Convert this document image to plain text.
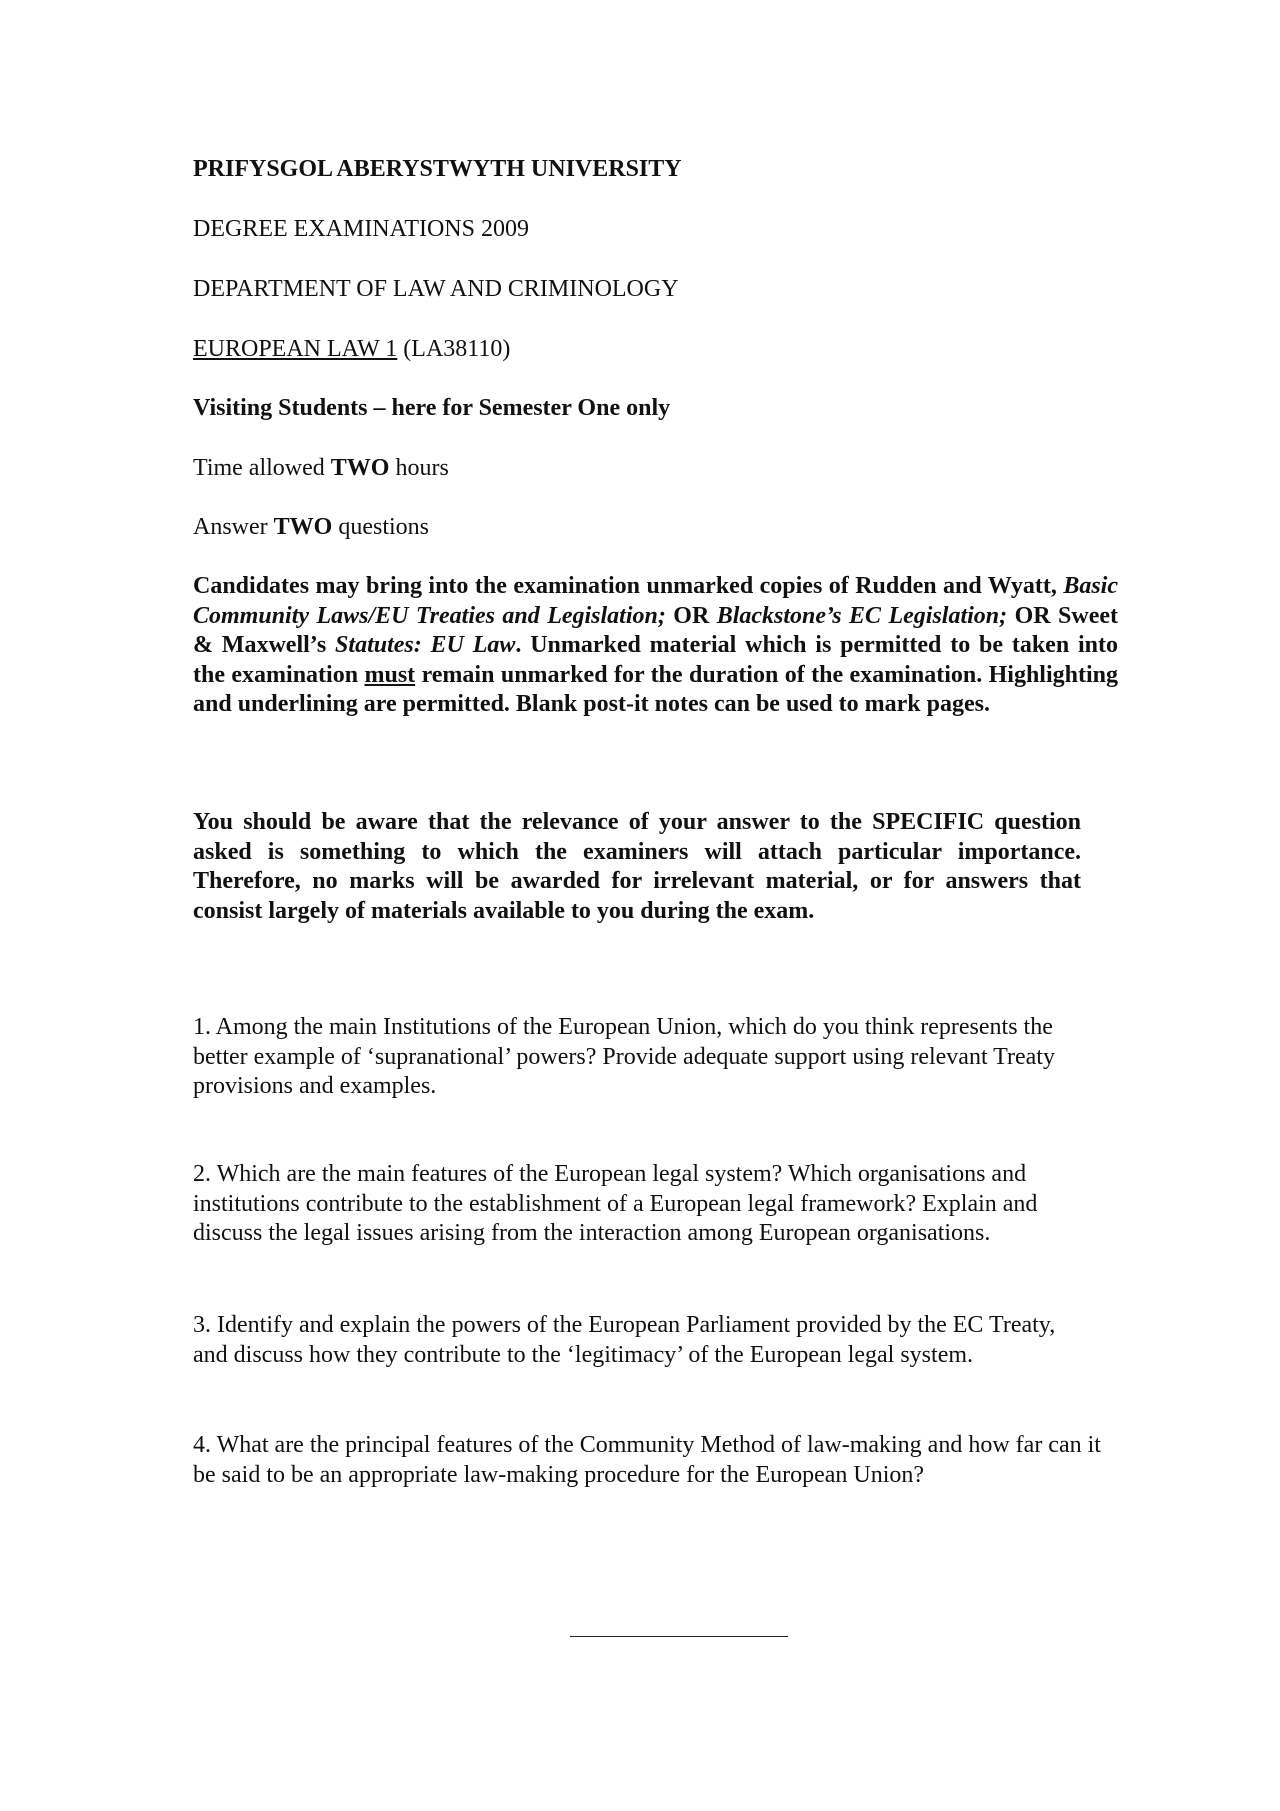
PRIFYSGOL ABERYSTWYTH UNIVERSITY
DEGREE EXAMINATIONS 2009
DEPARTMENT OF LAW AND CRIMINOLOGY
EUROPEAN LAW 1 (LA38110)
Visiting Students – here for Semester One only
Time allowed TWO hours
Answer TWO questions
Candidates may bring into the examination unmarked copies of Rudden and Wyatt, Basic Community Laws/EU Treaties and Legislation; OR Blackstone’s EC Legislation; OR Sweet & Maxwell’s Statutes: EU Law. Unmarked material which is permitted to be taken into the examination must remain unmarked for the duration of the examination. Highlighting and underlining are permitted. Blank post-it notes can be used to mark pages.
You should be aware that the relevance of your answer to the SPECIFIC question asked is something to which the examiners will attach particular importance. Therefore, no marks will be awarded for irrelevant material, or for answers that consist largely of materials available to you during the exam.
1. Among the main Institutions of the European Union, which do you think represents the better example of ‘supranational’ powers? Provide adequate support using relevant Treaty provisions and examples.
2. Which are the main features of the European legal system? Which organisations and institutions contribute to the establishment of a European legal framework? Explain and discuss the legal issues arising from the interaction among European organisations.
3. Identify and explain the powers of the European Parliament provided by the EC Treaty, and discuss how they contribute to the ‘legitimacy’ of the European legal system.
4. What are the principal features of the Community Method of law-making and how far can it be said to be an appropriate law-making procedure for the European Union?
